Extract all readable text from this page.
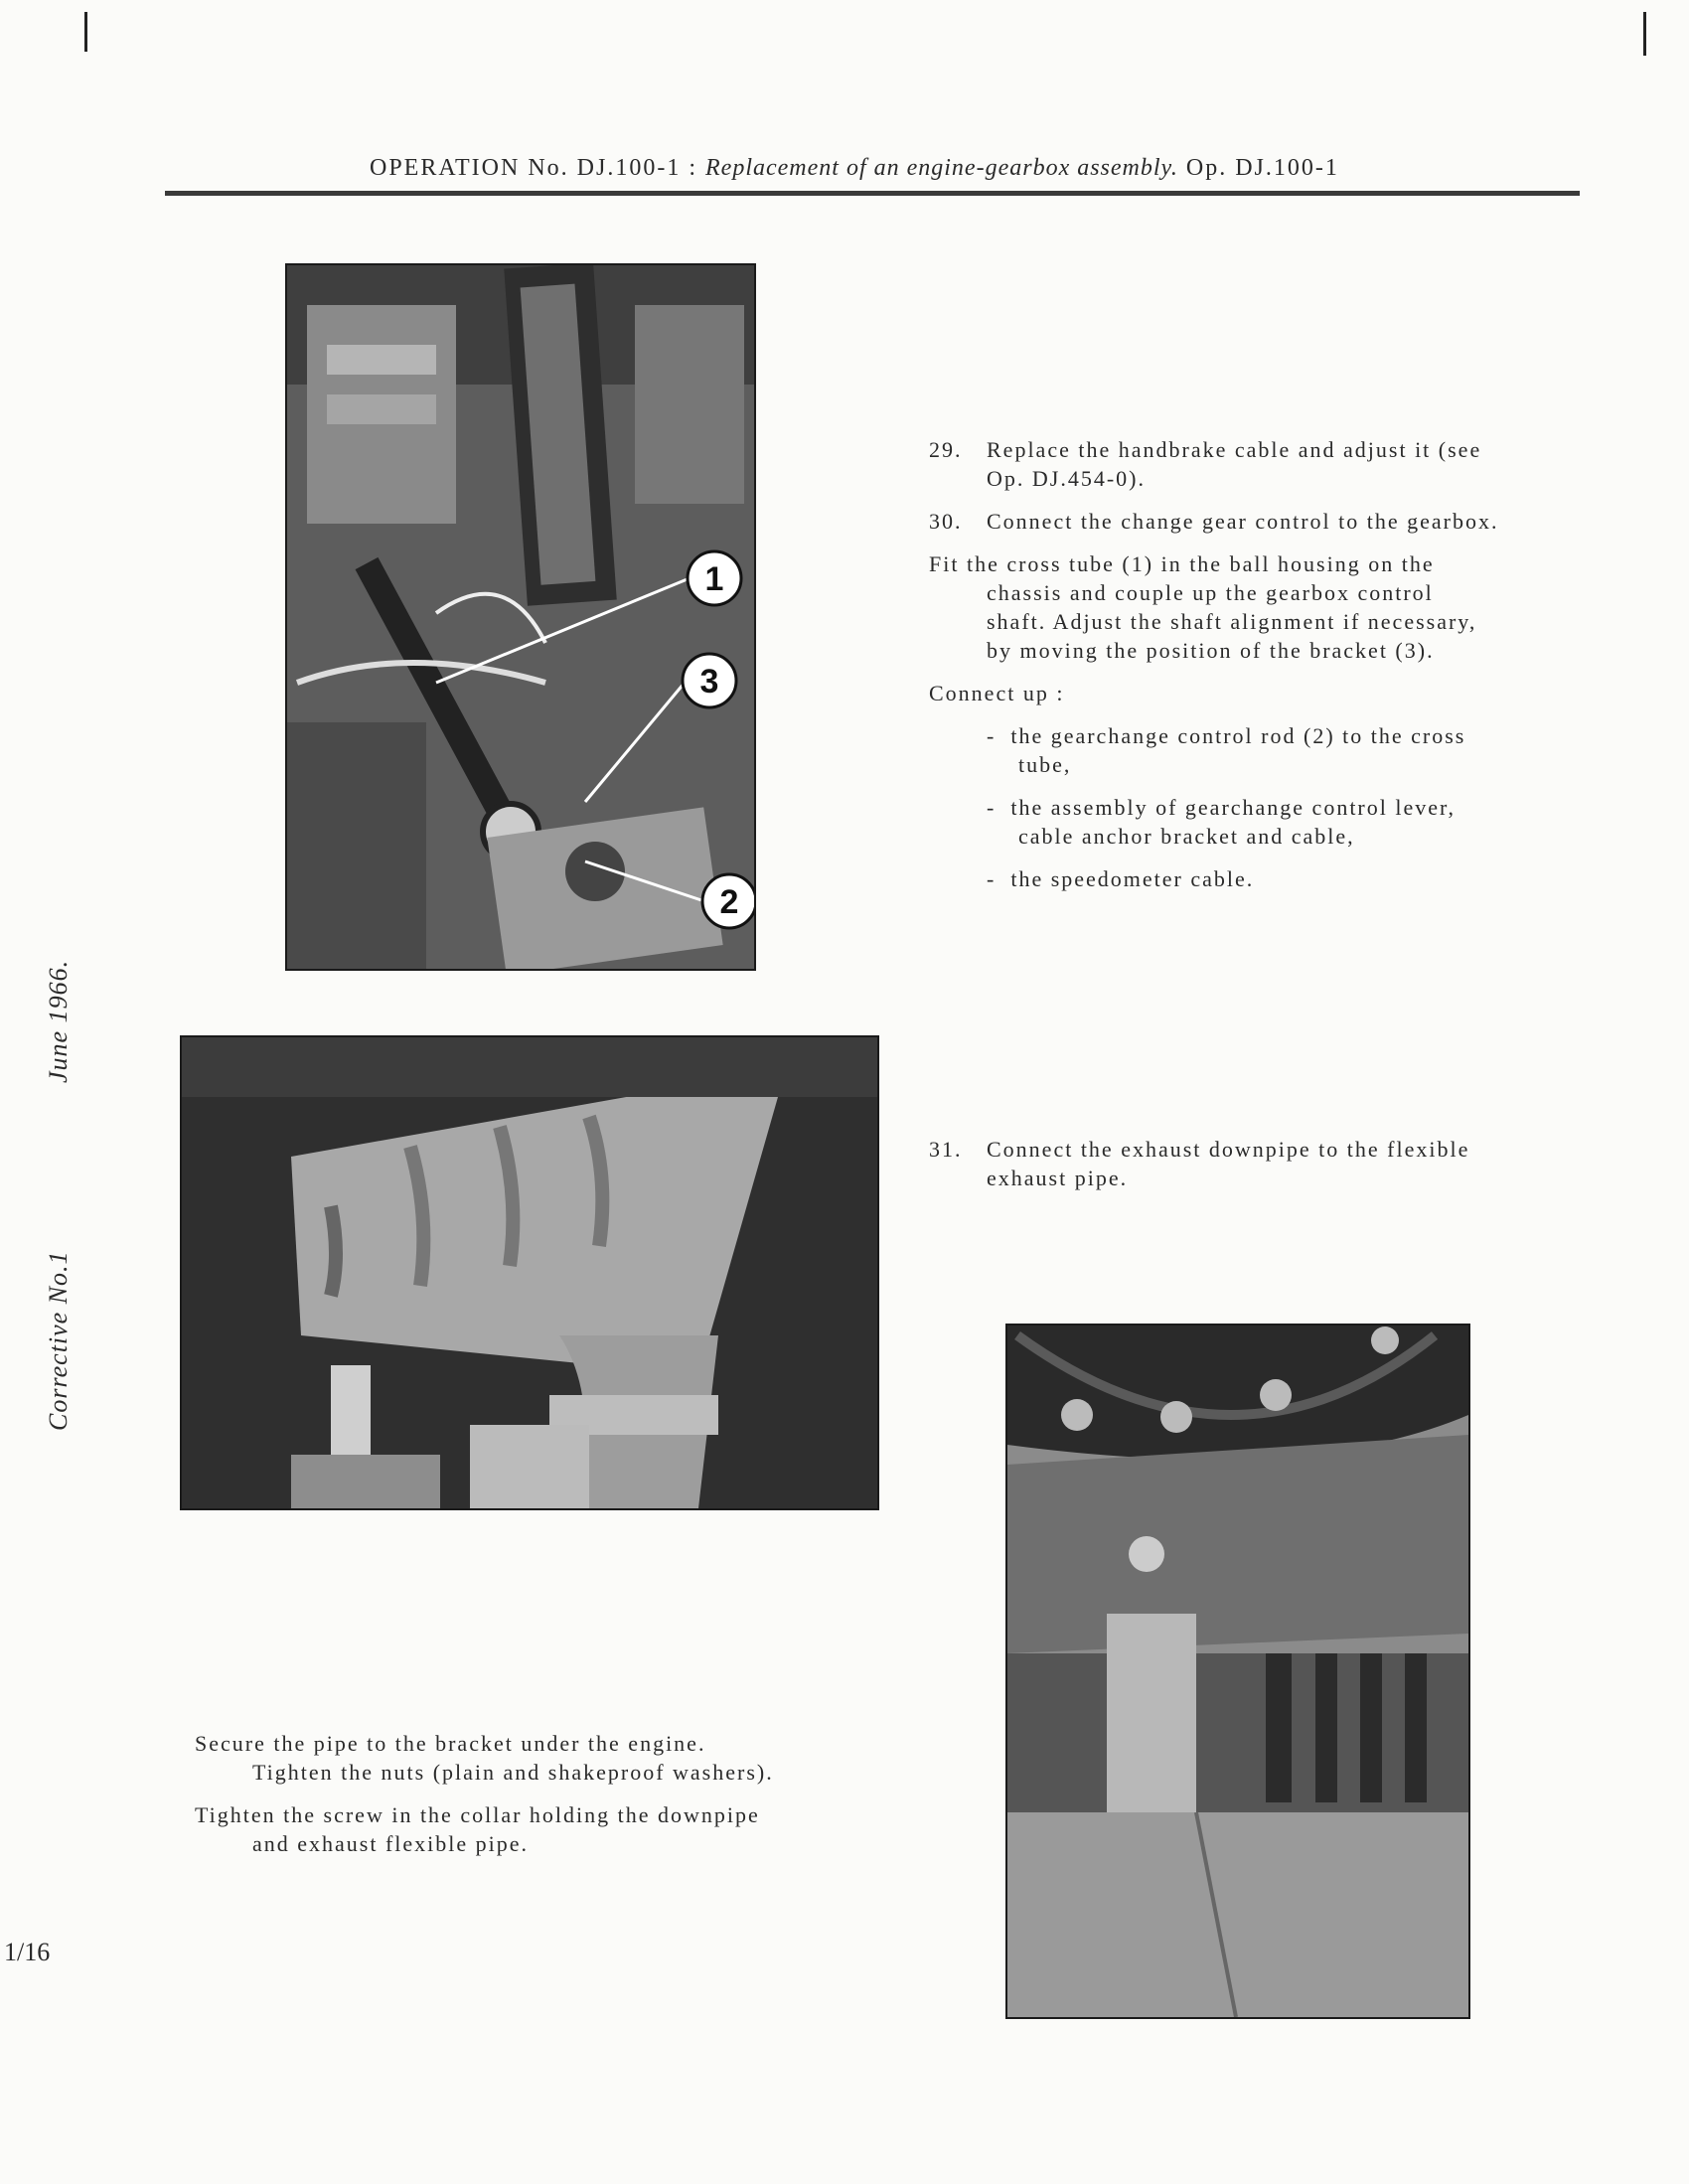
OPERATION No. DJ.100-1 : Replacement of an engine-gearbox assembly. Op. DJ.100-1
1
3
2

29. Replace the handbrake cable and adjust it (see
Op. DJ.454-0).

30. Connect the change gear control to the gearbox.

Fit the cross tube (1) in the ball housing on the
chassis and couple up the gearbox control
shaft. Adjust the shaft alignment if necessary,
by moving the position of the bracket (3).

Connect up :

- the gearchange control rod (2) to the cross
tube,
- the assembly of gearchange control lever,
cable anchor bracket and cable,
- the speedometer cable.

31. Connect the exhaust downpipe to the flexible
exhaust pipe.

Secure the pipe to the bracket under the engine.
Tighten the nuts (plain and shakeproof washers).

Tighten the screw in the collar holding the downpipe
and exhaust flexible pipe.

June 1966.
Corrective No.1
1/16
